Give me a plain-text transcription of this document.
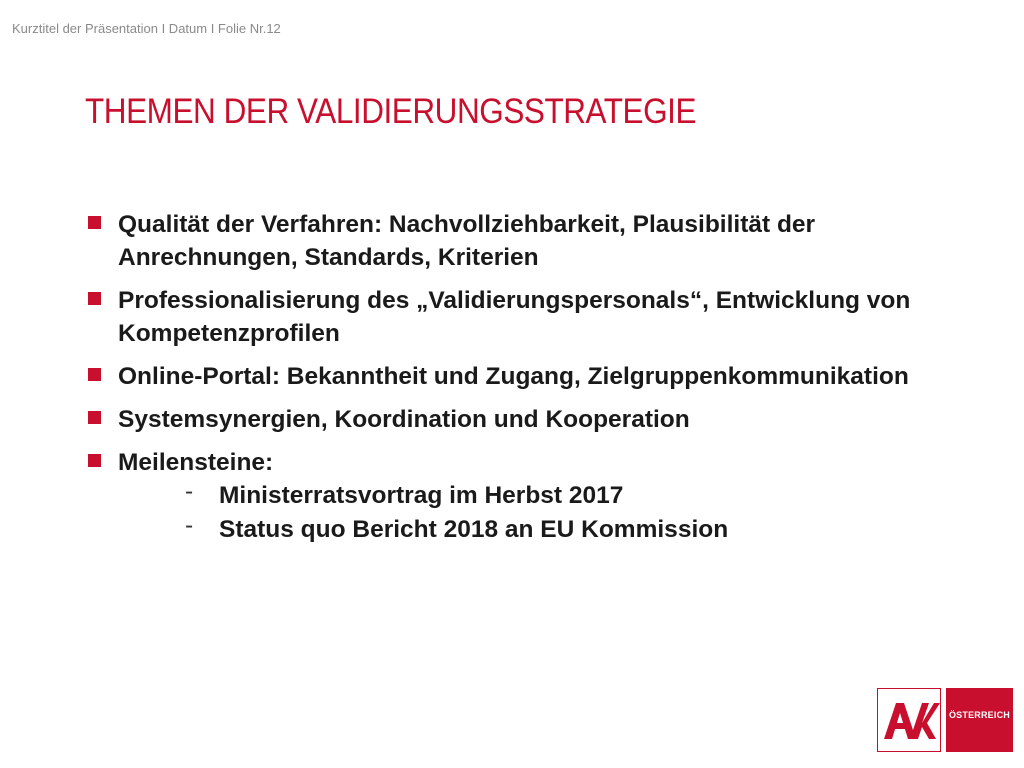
Kurztitel der Präsentation I Datum I Folie Nr.12
THEMEN DER VALIDIERUNGSSTRATEGIE
Qualität der Verfahren: Nachvollziehbarkeit, Plausibilität der Anrechnungen, Standards, Kriterien
Professionalisierung des „Validierungspersonals“, Entwicklung von Kompetenzprofilen
Online-Portal: Bekanntheit und Zugang, Zielgruppenkommunikation
Systemsynergien, Koordination und Kooperation
Meilensteine:
- Ministerratsvortrag im Herbst 2017
- Status quo Bericht 2018 an EU Kommission
ÖSTERREICH
